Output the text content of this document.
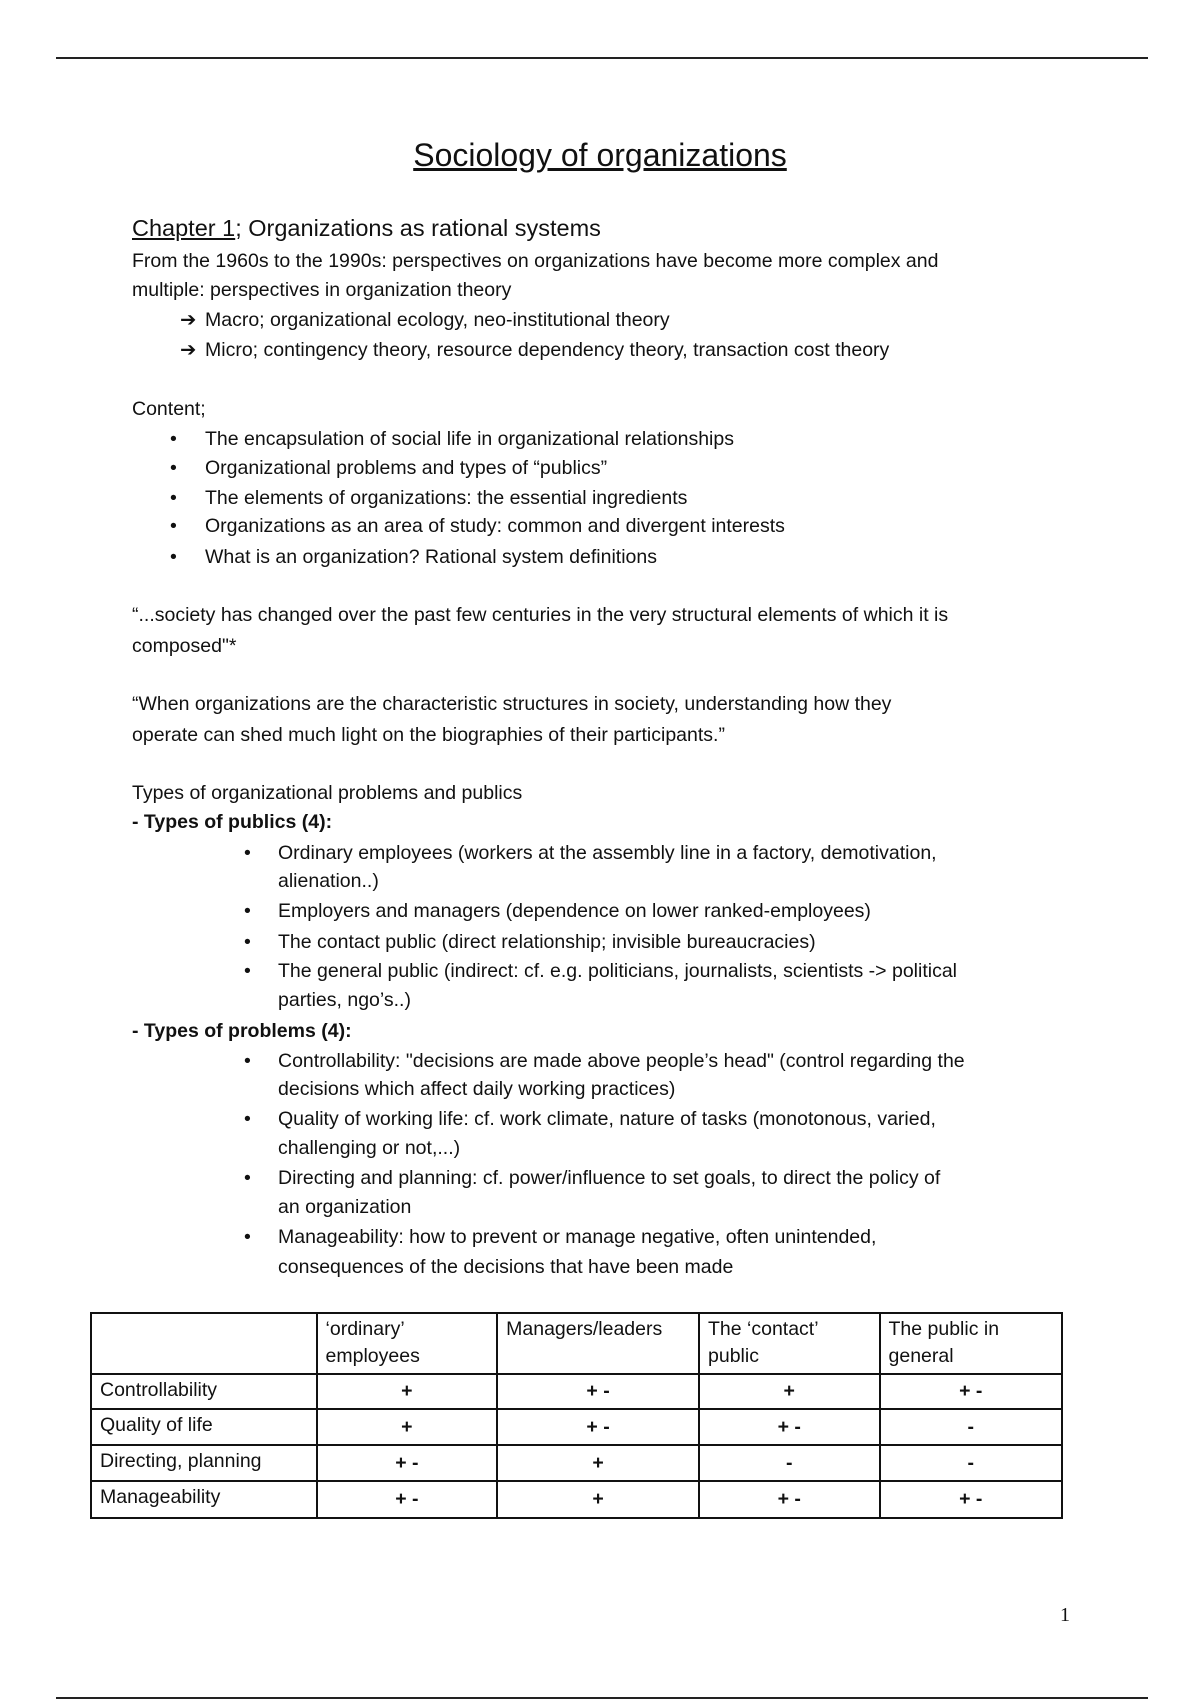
Sociology of organizations
Chapter 1; Organizations as rational systems
From the 1960s to the 1990s: perspectives on organizations have become more complex and
multiple: perspectives in organization theory
➔ Macro; organizational ecology, neo-institutional theory
➔ Micro; contingency theory, resource dependency theory, transaction cost theory
Content;
• The encapsulation of social life in organizational relationships
• Organizational problems and types of “publics”
• The elements of organizations: the essential ingredients
• Organizations as an area of study: common and divergent interests
• What is an organization? Rational system definitions
“...society has changed over the past few centuries in the very structural elements of which it is
composed"*
“When organizations are the characteristic structures in society, understanding how they
operate can shed much light on the biographies of their participants.”
Types of organizational problems and publics
- Types of publics (4):
• Ordinary employees (workers at the assembly line in a factory, demotivation,
alienation..)
• Employers and managers (dependence on lower ranked-employees)
• The contact public (direct relationship; invisible bureaucracies)
• The general public (indirect: cf. e.g. politicians, journalists, scientists -> political
parties, ngo’s..)
- Types of problems (4):
• Controllability: "decisions are made above people’s head" (control regarding the
decisions which affect daily working practices)
• Quality of working life: cf. work climate, nature of tasks (monotonous, varied,
challenging or not,...)
• Directing and planning: cf. power/influence to set goals, to direct the policy of
an organization
• Manageability: how to prevent or manage negative, often unintended,
consequences of the decisions that have been made
	‘ordinary’ employees	Managers/leaders	The ‘contact’ public	The public in general
Controllability	+	+ -	+	+ -
Quality of life	+	+ -	+ -	-
Directing, planning	+ -	+	-	-
Manageability	+ -	+	+ -	+ -
1
